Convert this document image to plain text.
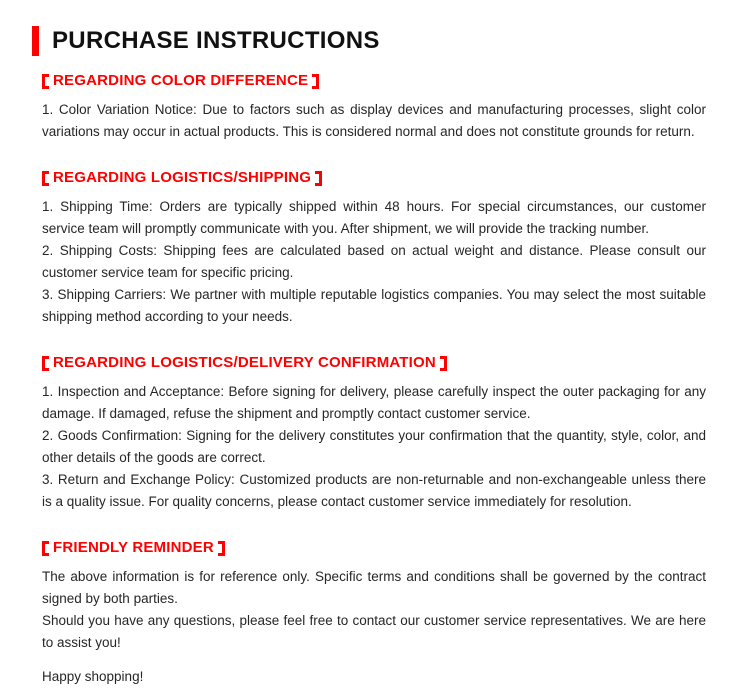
PURCHASE INSTRUCTIONS
REGARDING COLOR DIFFERENCE

1. Color Variation Notice: Due to factors such as display devices and manufacturing processes, slight color variations may occur in actual products. This is considered normal and does not constitute grounds for return.

REGARDING LOGISTICS/SHIPPING

1. Shipping Time: Orders are typically shipped within 48 hours. For special circumstances, our customer service team will promptly communicate with you. After shipment, we will provide the tracking number.

2. Shipping Costs: Shipping fees are calculated based on actual weight and distance. Please consult our customer service team for specific pricing.

3. Shipping Carriers: We partner with multiple reputable logistics companies. You may select the most suitable shipping method according to your needs.

REGARDING LOGISTICS/DELIVERY CONFIRMATION

1. Inspection and Acceptance: Before signing for delivery, please carefully inspect the outer packaging for any damage. If damaged, refuse the shipment and promptly contact customer service.

2. Goods Confirmation: Signing for the delivery constitutes your confirmation that the quantity, style, color, and other details of the goods are correct.

3. Return and Exchange Policy: Customized products are non-returnable and non-exchangeable unless there is a quality issue. For quality concerns, please contact customer service immediately for resolution.

FRIENDLY REMINDER

The above information is for reference only. Specific terms and conditions shall be governed by the contract signed by both parties.

Should you have any questions, please feel free to contact our customer service representatives. We are here to assist you!

Happy shopping!
